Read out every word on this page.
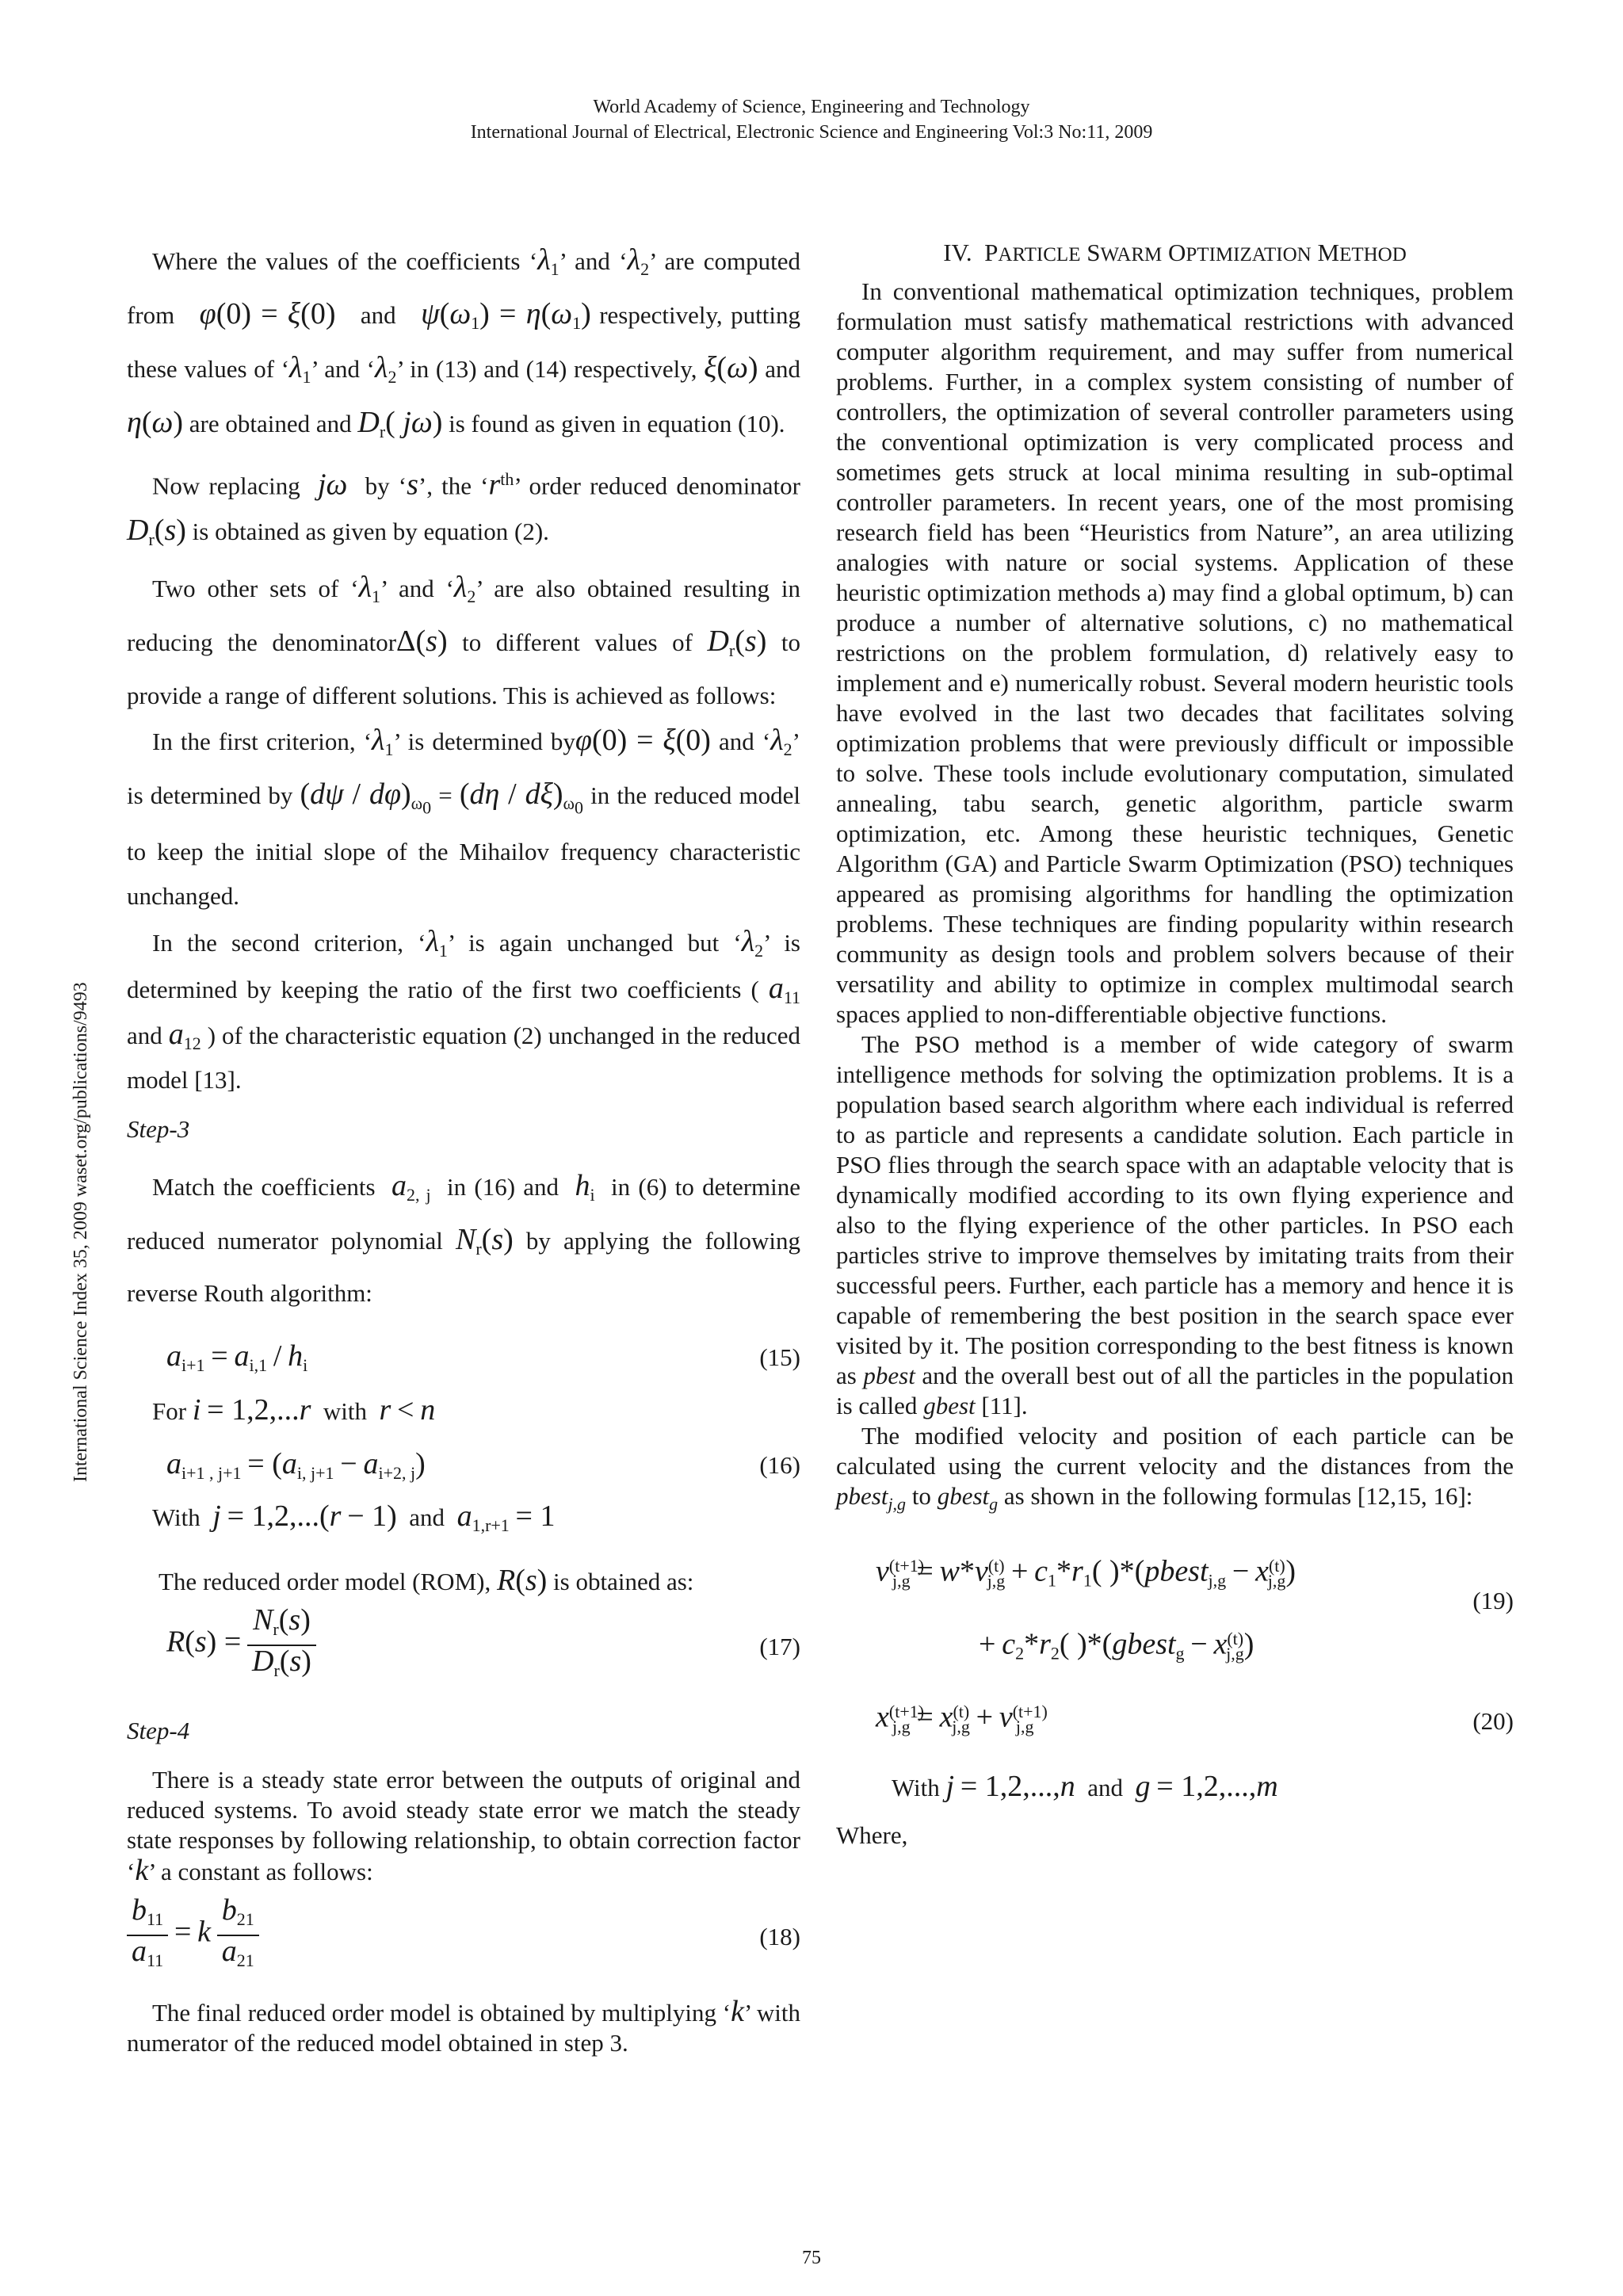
World Academy of Science, Engineering and Technology
International Journal of Electrical, Electronic Science and Engineering Vol:3 No:11, 2009
International Science Index 35, 2009 waset.org/publications/9493

Where the values of the coefficients ‘$\lambda_1$’ and ‘$\lambda_2$’ are computed from φ(0) = ξ(0) and $\psi(\omega_1) = \eta(\omega_1)$ respectively, putting these values of ‘$\lambda_1$’ and ‘$\lambda_2$’ in (13) and (14) respectively, ξ(ω) and η(ω) are obtained and $D_r$( jω) is found as given in equation (10).

Now replacing jω by ‘s’, the ‘$r^{th}$’ order reduced denominator $D_r(s)$ is obtained as given by equation (2).

Two other sets of ‘$\lambda_1$’ and ‘$\lambda_2$’ are also obtained resulting in reducing the denominatorΔ(s) to different values of $D_r(s)$ to provide a range of different solutions. This is achieved as follows:

In the first criterion, ‘$\lambda_1$’ is determined byφ(0) = ξ(0) and ‘$\lambda_2$’ is determined by $(d\psi / d\varphi)_{\omega_0} = (d\eta / d\xi)_{\omega_0}$ in the reduced model to keep the initial slope of the Mihailov frequency characteristic unchanged.

In the second criterion, ‘$\lambda_1$’ is again unchanged but ‘$\lambda_2$’ is determined by keeping the ratio of the first two coefficients ( $a_{11}$ and $a_{12}$ ) of the characteristic equation (2) unchanged in the reduced model [13].

Step-3

Match the coefficients $a_{2, j}$ in (16) and $h_i$ in (6) to determine reduced numerator polynomial $N_r(s)$ by applying the following reverse Routh algorithm:

$a_{i+1} = a_{i,1} / h_i$	(15)

For i = 1,2,...r with r < n

$a_{i+1 , j+1} = (a_{i, j+1} - a_{i+2, j})$	(16)

With j = 1,2,...(r − 1) and $a_{1,r+1} = 1$

The reduced order model (ROM), R(s) is obtained as:

$R(s) = \frac{N_r(s)}{D_r(s)}$	(17)
Step-4

There is a steady state error between the outputs of original and reduced systems. To avoid steady state error we match the steady state responses by following relationship, to obtain correction factor ‘k’ a constant as follows:

$\frac{b_{11}}{a_{11}} = k \frac{b_{21}}{a_{21}}$	(18)

The final reduced order model is obtained by multiplying ‘k’ with numerator of the reduced model obtained in step 3.

IV. PARTICLE SWARM OPTIMIZATION METHOD

In conventional mathematical optimization techniques, problem formulation must satisfy mathematical restrictions with advanced computer algorithm requirement, and may suffer from numerical problems. Further, in a complex system consisting of number of controllers, the optimization of several controller parameters using the conventional optimization is very complicated process and sometimes gets struck at local minima resulting in sub-optimal controller parameters. In recent years, one of the most promising research field has been “Heuristics from Nature”, an area utilizing analogies with nature or social systems. Application of these heuristic optimization methods a) may find a global optimum, b) can produce a number of alternative solutions, c) no mathematical restrictions on the problem formulation, d) relatively easy to implement and e) numerically robust. Several modern heuristic tools have evolved in the last two decades that facilitates solving optimization problems that were previously difficult or impossible to solve. These tools include evolutionary computation, simulated annealing, tabu search, genetic algorithm, particle swarm optimization, etc. Among these heuristic techniques, Genetic Algorithm (GA) and Particle Swarm Optimization (PSO) techniques appeared as promising algorithms for handling the optimization problems. These techniques are finding popularity within research community as design tools and problem solvers because of their versatility and ability to optimize in complex multimodal search spaces applied to non-differentiable objective functions.

The PSO method is a member of wide category of swarm intelligence methods for solving the optimization problems. It is a population based search algorithm where each individual is referred to as particle and represents a candidate solution. Each particle in PSO flies through the search space with an adaptable velocity that is dynamically modified according to its own flying experience and also to the flying experience of the other particles. In PSO each particles strive to improve themselves by imitating traits from their successful peers. Further, each particle has a memory and hence it is capable of remembering the best position in the search space ever visited by it. The position corresponding to the best fitness is known as pbest and the overall best out of all the particles in the population is called gbest [11].

The modified velocity and position of each particle can be calculated using the current velocity and the distances from the pbest$_{j,g}$ to gbest$_g$ as shown in the following formulas [12,15, 16]:

$v^{(t+1)}_{j,g} = w*v^{(t)}_{j,g} + c_1*r_1$( )*(pbest$_{j,g}$ − $x^{(t)}_{j,g}$)
+ $c_2*r_2$( )*(gbest$_g$ − $x^{(t)}_{j,g}$)
(19)
$x^{(t+1)}_{j,g} = x^{(t)}_{j,g} + v^{(t+1)}_{j,g}$	(20)

With j = 1,2,...,n and g = 1,2,...,m

Where,

75
